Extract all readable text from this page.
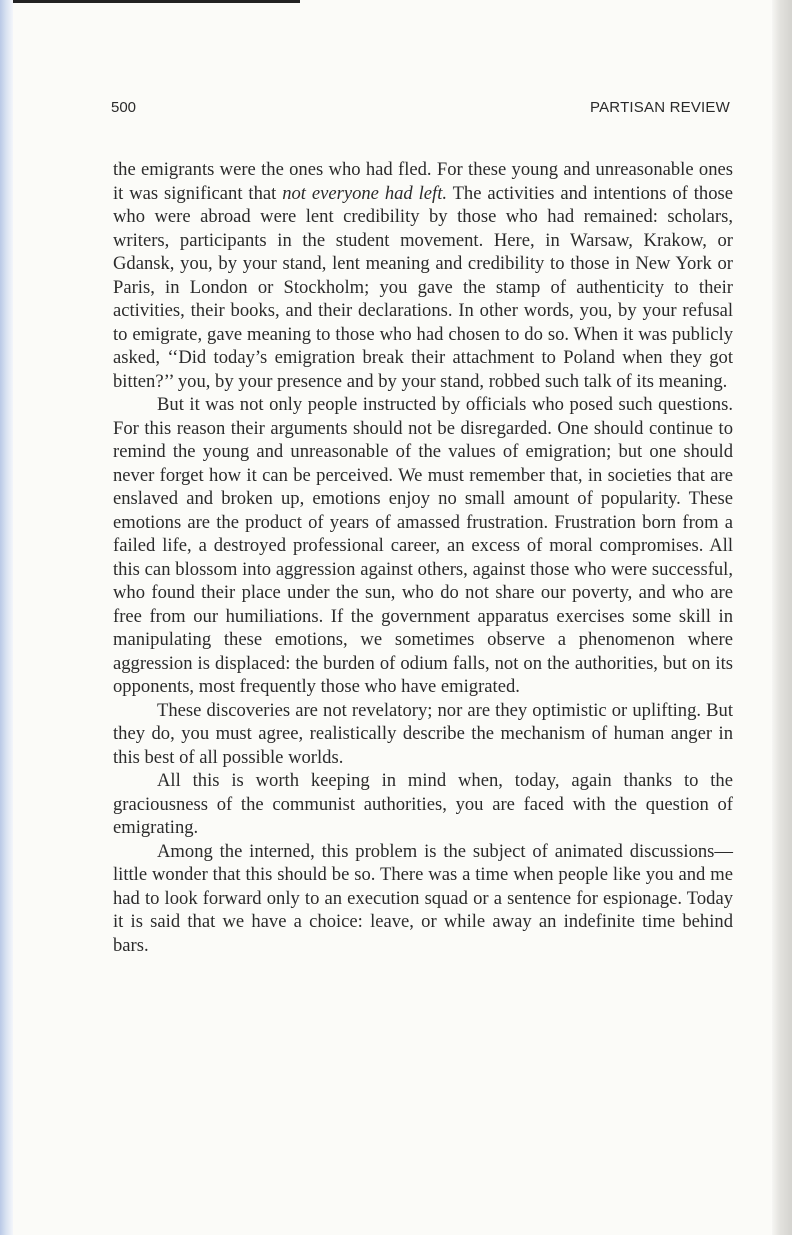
500	PARTISAN REVIEW

the emigrants were the ones who had fled. For these young and unreasonable ones it was significant that not everyone had left. The activities and intentions of those who were abroad were lent credibility by those who had remained: scholars, writers, participants in the student movement. Here, in Warsaw, Krakow, or Gdansk, you, by your stand, lent meaning and credibility to those in New York or Paris, in London or Stockholm; you gave the stamp of authenticity to their activities, their books, and their declarations. In other words, you, by your refusal to emigrate, gave meaning to those who had chosen to do so. When it was publicly asked, ‘‘Did today’s emigration break their attachment to Poland when they got bitten?’’ you, by your presence and by your stand, robbed such talk of its meaning.

But it was not only people instructed by officials who posed such questions. For this reason their arguments should not be disregarded. One should continue to remind the young and unreasonable of the values of emigration; but one should never forget how it can be perceived. We must remember that, in societies that are enslaved and broken up, emotions enjoy no small amount of popularity. These emotions are the product of years of amassed frustration. Frustration born from a failed life, a destroyed professional career, an excess of moral compromises. All this can blossom into aggression against others, against those who were successful, who found their place under the sun, who do not share our poverty, and who are free from our humiliations. If the government apparatus exercises some skill in manipulating these emotions, we sometimes observe a phenomenon where aggression is displaced: the burden of odium falls, not on the authorities, but on its opponents, most frequently those who have emigrated.

These discoveries are not revelatory; nor are they optimistic or uplifting. But they do, you must agree, realistically describe the mechanism of human anger in this best of all possible worlds.

All this is worth keeping in mind when, today, again thanks to the graciousness of the communist authorities, you are faced with the question of emigrating.

Among the interned, this problem is the subject of animated discussions—little wonder that this should be so. There was a time when people like you and me had to look forward only to an execution squad or a sentence for espionage. Today it is said that we have a choice: leave, or while away an indefinite time behind bars.
